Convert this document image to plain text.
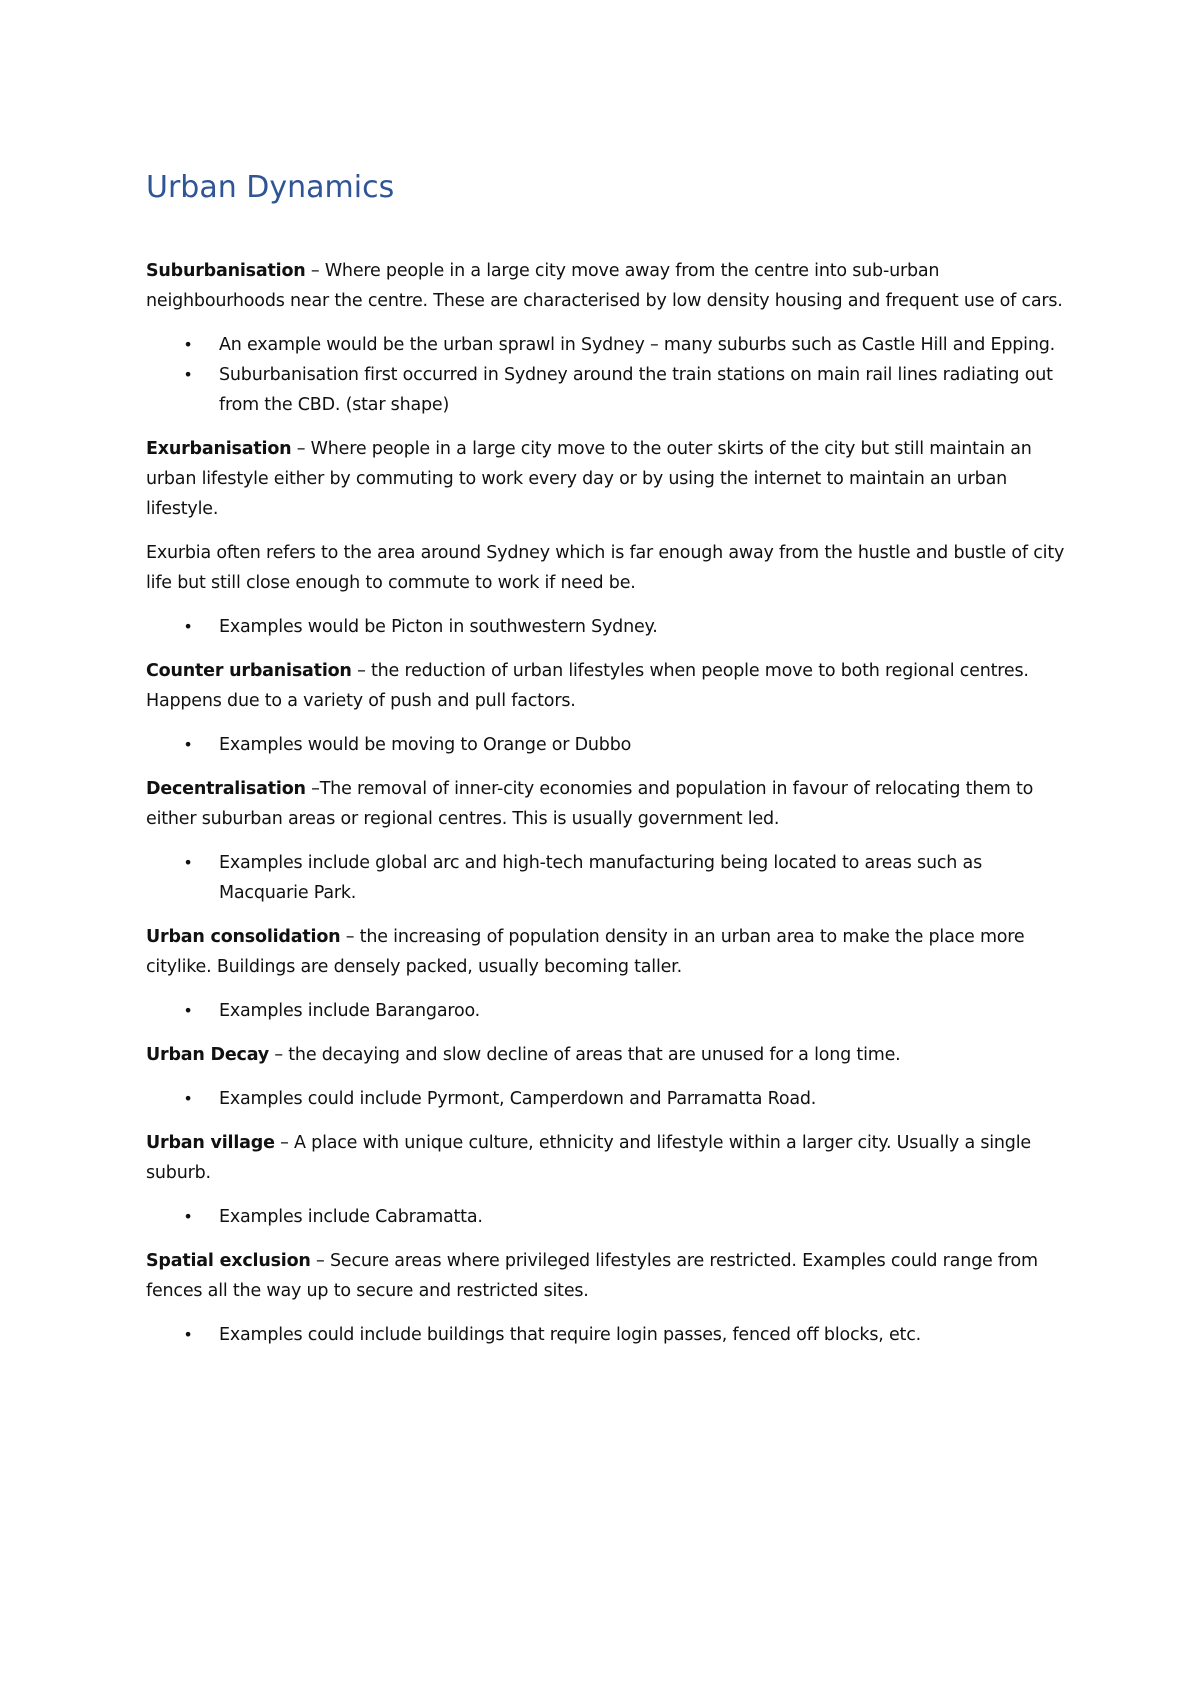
Urban Dynamics

Suburbanisation – Where people in a large city move away from the centre into sub-urban neighbourhoods near the centre. These are characterised by low density housing and frequent use of cars.

• An example would be the urban sprawl in Sydney – many suburbs such as Castle Hill and Epping.
• Suburbanisation first occurred in Sydney around the train stations on main rail lines radiating out from the CBD. (star shape)

Exurbanisation – Where people in a large city move to the outer skirts of the city but still maintain an urban lifestyle either by commuting to work every day or by using the internet to maintain an urban lifestyle.

Exurbia often refers to the area around Sydney which is far enough away from the hustle and bustle of city life but still close enough to commute to work if need be.

• Examples would be Picton in southwestern Sydney.

Counter urbanisation – the reduction of urban lifestyles when people move to both regional centres. Happens due to a variety of push and pull factors.

• Examples would be moving to Orange or Dubbo

Decentralisation –The removal of inner-city economies and population in favour of relocating them to either suburban areas or regional centres. This is usually government led.

• Examples include global arc and high-tech manufacturing being located to areas such as Macquarie Park.

Urban consolidation – the increasing of population density in an urban area to make the place more citylike. Buildings are densely packed, usually becoming taller.

• Examples include Barangaroo.

Urban Decay – the decaying and slow decline of areas that are unused for a long time.

• Examples could include Pyrmont, Camperdown and Parramatta Road.

Urban village – A place with unique culture, ethnicity and lifestyle within a larger city. Usually a single suburb.

• Examples include Cabramatta.

Spatial exclusion – Secure areas where privileged lifestyles are restricted. Examples could range from fences all the way up to secure and restricted sites.

• Examples could include buildings that require login passes, fenced off blocks, etc.
